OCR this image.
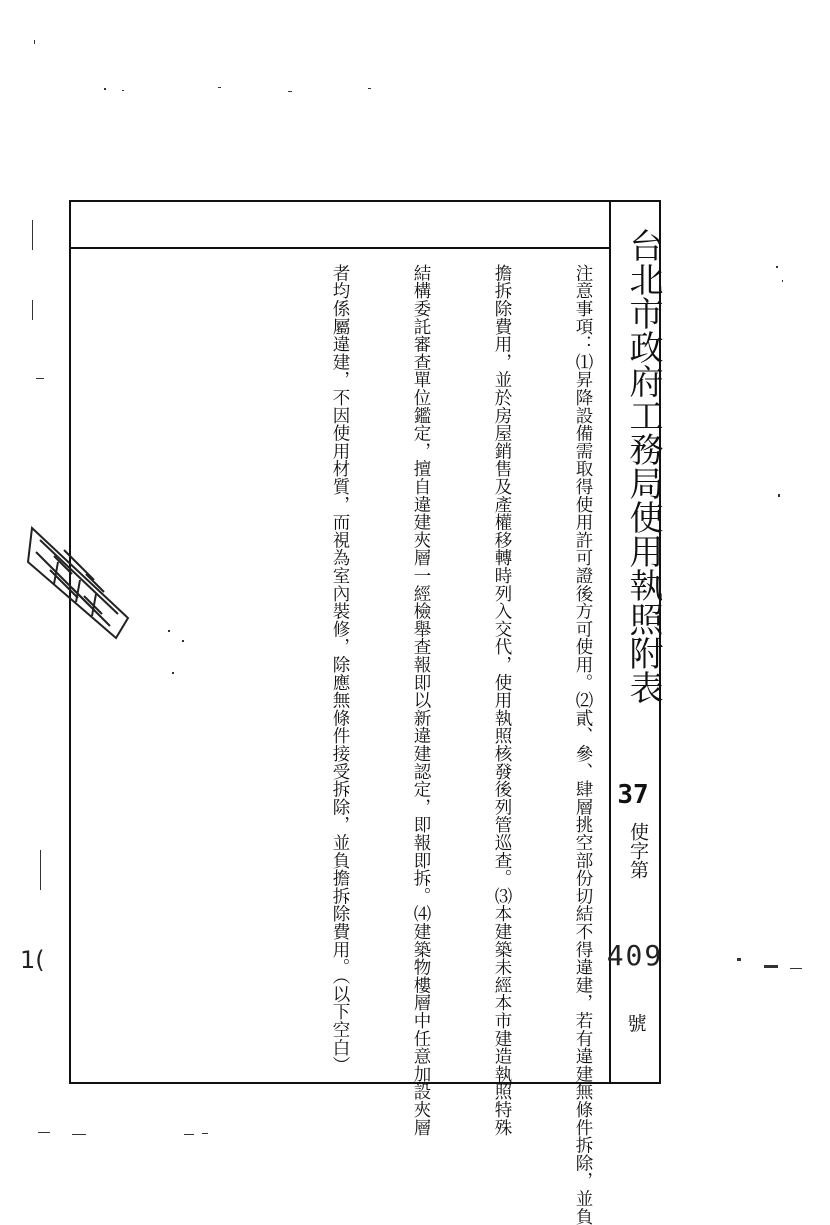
台北市政府工務局使用執照附表
37
使字第
409
號
注意事項：⑴昇降設備需取得使用許可證後方可使用。⑵貳、參、肆層挑空部份切結不得違建，若有違建無條件拆除，並負
擔拆除費用，並於房屋銷售及產權移轉時列入交代，使用執照核發後列管巡查。⑶本建築未經本市建造執照特殊
結構委託審查單位鑑定，擅自違建夾層一經檢舉查報即以新違建認定，即報即拆。⑷建築物樓層中任意加設夾層
者均係屬違建，不因使用材質，而視為室內裝修，除應無條件接受拆除，並負擔拆除費用。（以下空白）
1(
